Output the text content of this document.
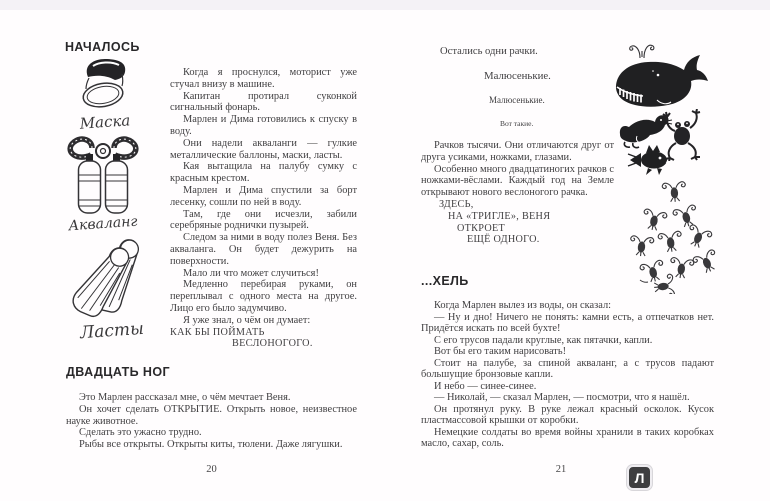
НАЧАЛОСЬ
Маска
Акваланг
Ласты

Когда я проснулся, моторист уже стучал внизу в машине.

Капитан протирал суконкой сигнальный фонарь.

Марлен и Дима готовились к спуску в воду.

Они надели акваланги — гулкие металлические баллоны, маски, ласты.

Кая вытащила на палубу сумку с красным крестом.

Марлен и Дима спустили за борт лесенку, сошли по ней в воду.

Там, где они исчезли, забили серебряные роднички пузырей.

Следом за ними в воду полез Веня. Без акваланга. Он будет дежурить на поверхности.

Мало ли что может случиться!

Медленно перебирая руками, он переплывал с одного места на другое. Лицо его было задумчиво.

Я уже знал, о чём он думает:

КАК БЫ ПОЙМАТЬ
ВЕСЛОНОГОГО.
ДВАДЦАТЬ НОГ

Это Марлен рассказал мне, о чём мечтает Веня.

Он хочет сделать ОТКРЫТИЕ. Открыть новое, неизвестное науке животное.

Сделать это ужасно трудно.

Рыбы все открыты. Открыты киты, тюлени. Даже лягушки.

20
Остались одни рачки.
Малюсенькие.
Малюсенькие.
Вот такие.

Рачков тысячи. Они отличаются друг от друга усиками, ножками, глазами.

Особенно много двадцатиногих рачков с ножками-вёслами. Каждый год на Земле открывают нового веслоногого рачка.

ЗДЕСЬ,
НА «ТРИГЛЕ», ВЕНЯ
ОТКРОЕТ
ЕЩЁ ОДНОГО.
...ХЕЛЬ

Когда Марлен вылез из воды, он сказал:

— Ну и дно! Ничего не понять: камни есть, а отпечатков нет. Придётся искать по всей бухте!

С его трусов падали круглые, как пятачки, капли.

Вот бы его таким нарисовать!

Стоит на палубе, за спиной акваланг, а с трусов падают большущие бронзовые капли.

И небо — синее-синее.

— Николай, — сказал Марлен, — посмотри, что я нашёл.

Он протянул руку. В руке лежал красный осколок. Кусок пластмассовой крышки от коробки.

Немецкие солдаты во время войны хранили в таких коробках масло, сахар, соль.

21	Л
